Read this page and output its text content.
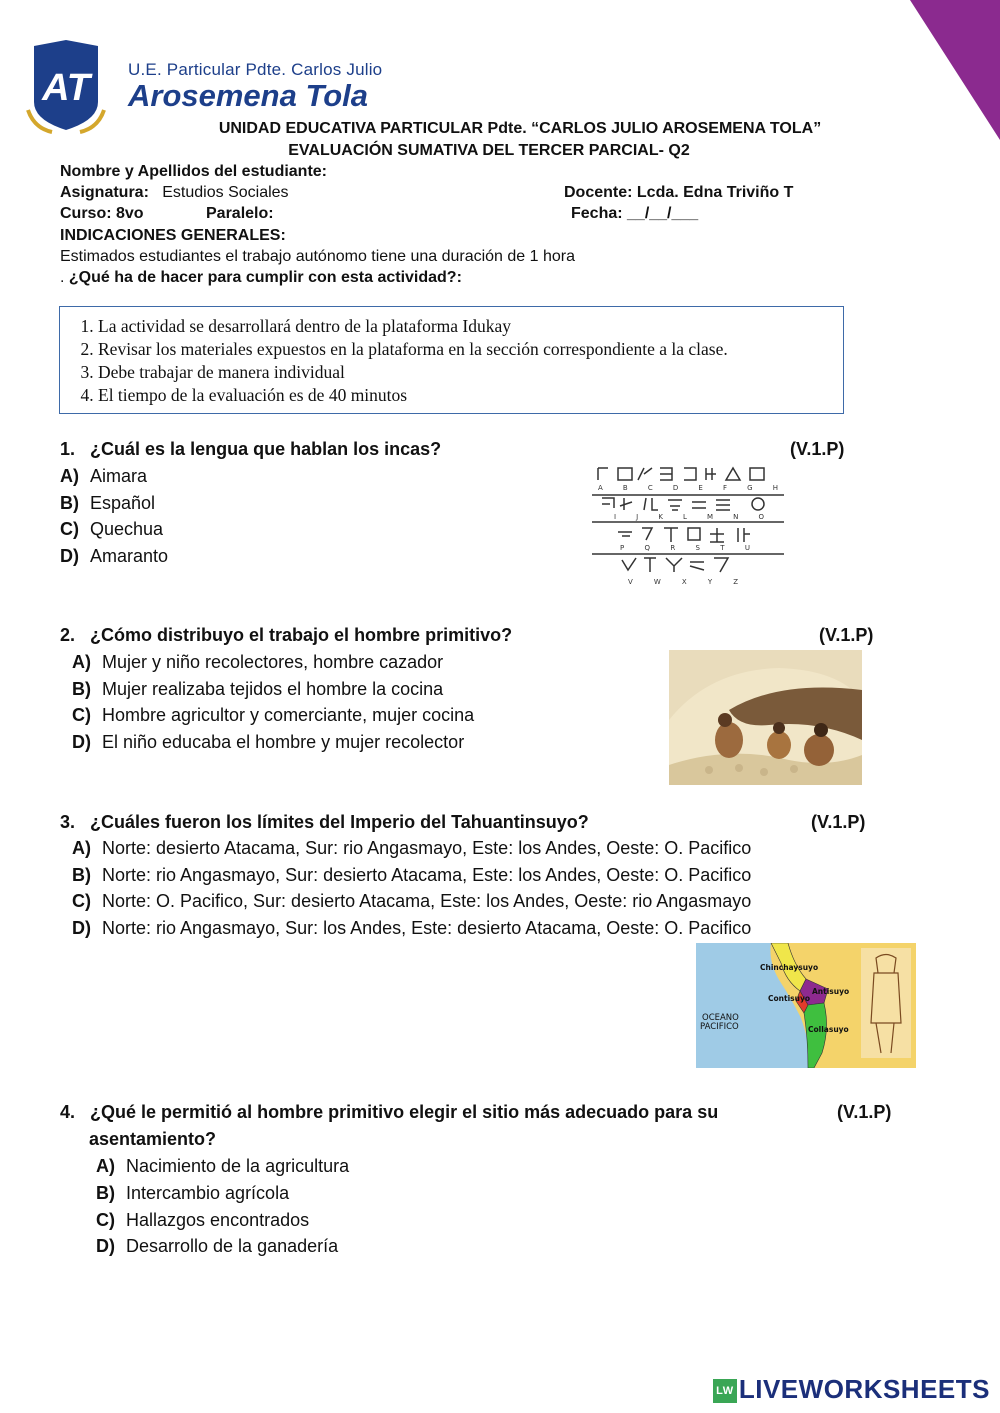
AT U.E. Particular Pdte. Carlos Julio
Arosemena Tola
UNIDAD EDUCATIVA PARTICULAR Pdte. “CARLOS JULIO AROSEMENA TOLA”
EVALUACIÓN SUMATIVA DEL TERCER PARCIAL- Q2
Nombre y Apellidos del estudiante:
Asignatura: Estudios Sociales	Docente: Lcda. Edna Triviño T
Curso: 8vo	Paralelo:	Fecha: __/__/___
INDICACIONES GENERALES:
Estimados estudiantes el trabajo autónomo tiene una duración de 1 hora
. ¿Qué ha de hacer para cumplir con esta actividad?:
1. La actividad se desarrollará dentro de la plataforma Idukay
2. Revisar los materiales expuestos en la plataforma en la sección correspondiente a la clase.
3. Debe trabajar de manera individual
4. El tiempo de la evaluación es de 40 minutos
1. ¿Cuál es la lengua que hablan los incas?	(V.1.P)
A) Aimara
B) Español
C) Quechua
D) Amaranto
A B C D E F G H
I J K L M N O
P Q R S T U
V W X Y Z
2. ¿Cómo distribuyo el trabajo el hombre primitivo?	(V.1.P)
A) Mujer y niño recolectores, hombre cazador
B) Mujer realizaba tejidos el hombre la cocina
C) Hombre agricultor y comerciante, mujer cocina
D) El niño educaba el hombre y mujer recolector
3. ¿Cuáles fueron los límites del Imperio del Tahuantinsuyo?	(V.1.P)
A) Norte: desierto Atacama, Sur: rio Angasmayo, Este: los Andes, Oeste: O. Pacifico
B) Norte: rio Angasmayo, Sur: desierto Atacama, Este: los Andes, Oeste: O. Pacifico
C) Norte: O. Pacifico, Sur: desierto Atacama, Este: los Andes, Oeste: rio Angasmayo
D) Norte: rio Angasmayo, Sur: los Andes, Este: desierto Atacama, Oeste: O. Pacifico
Chinchaysuyo
Antisuyo
Contisuyo
Collasuyo
OCEANO
PACIFICO
4. ¿Qué le permitió al hombre primitivo elegir el sitio más adecuado para su
asentamiento?
(V.1.P)
A) Nacimiento de la agricultura
B) Intercambio agrícola
C) Hallazgos encontrados
D) Desarrollo de la ganadería
LW LIVEWORKSHEETS
